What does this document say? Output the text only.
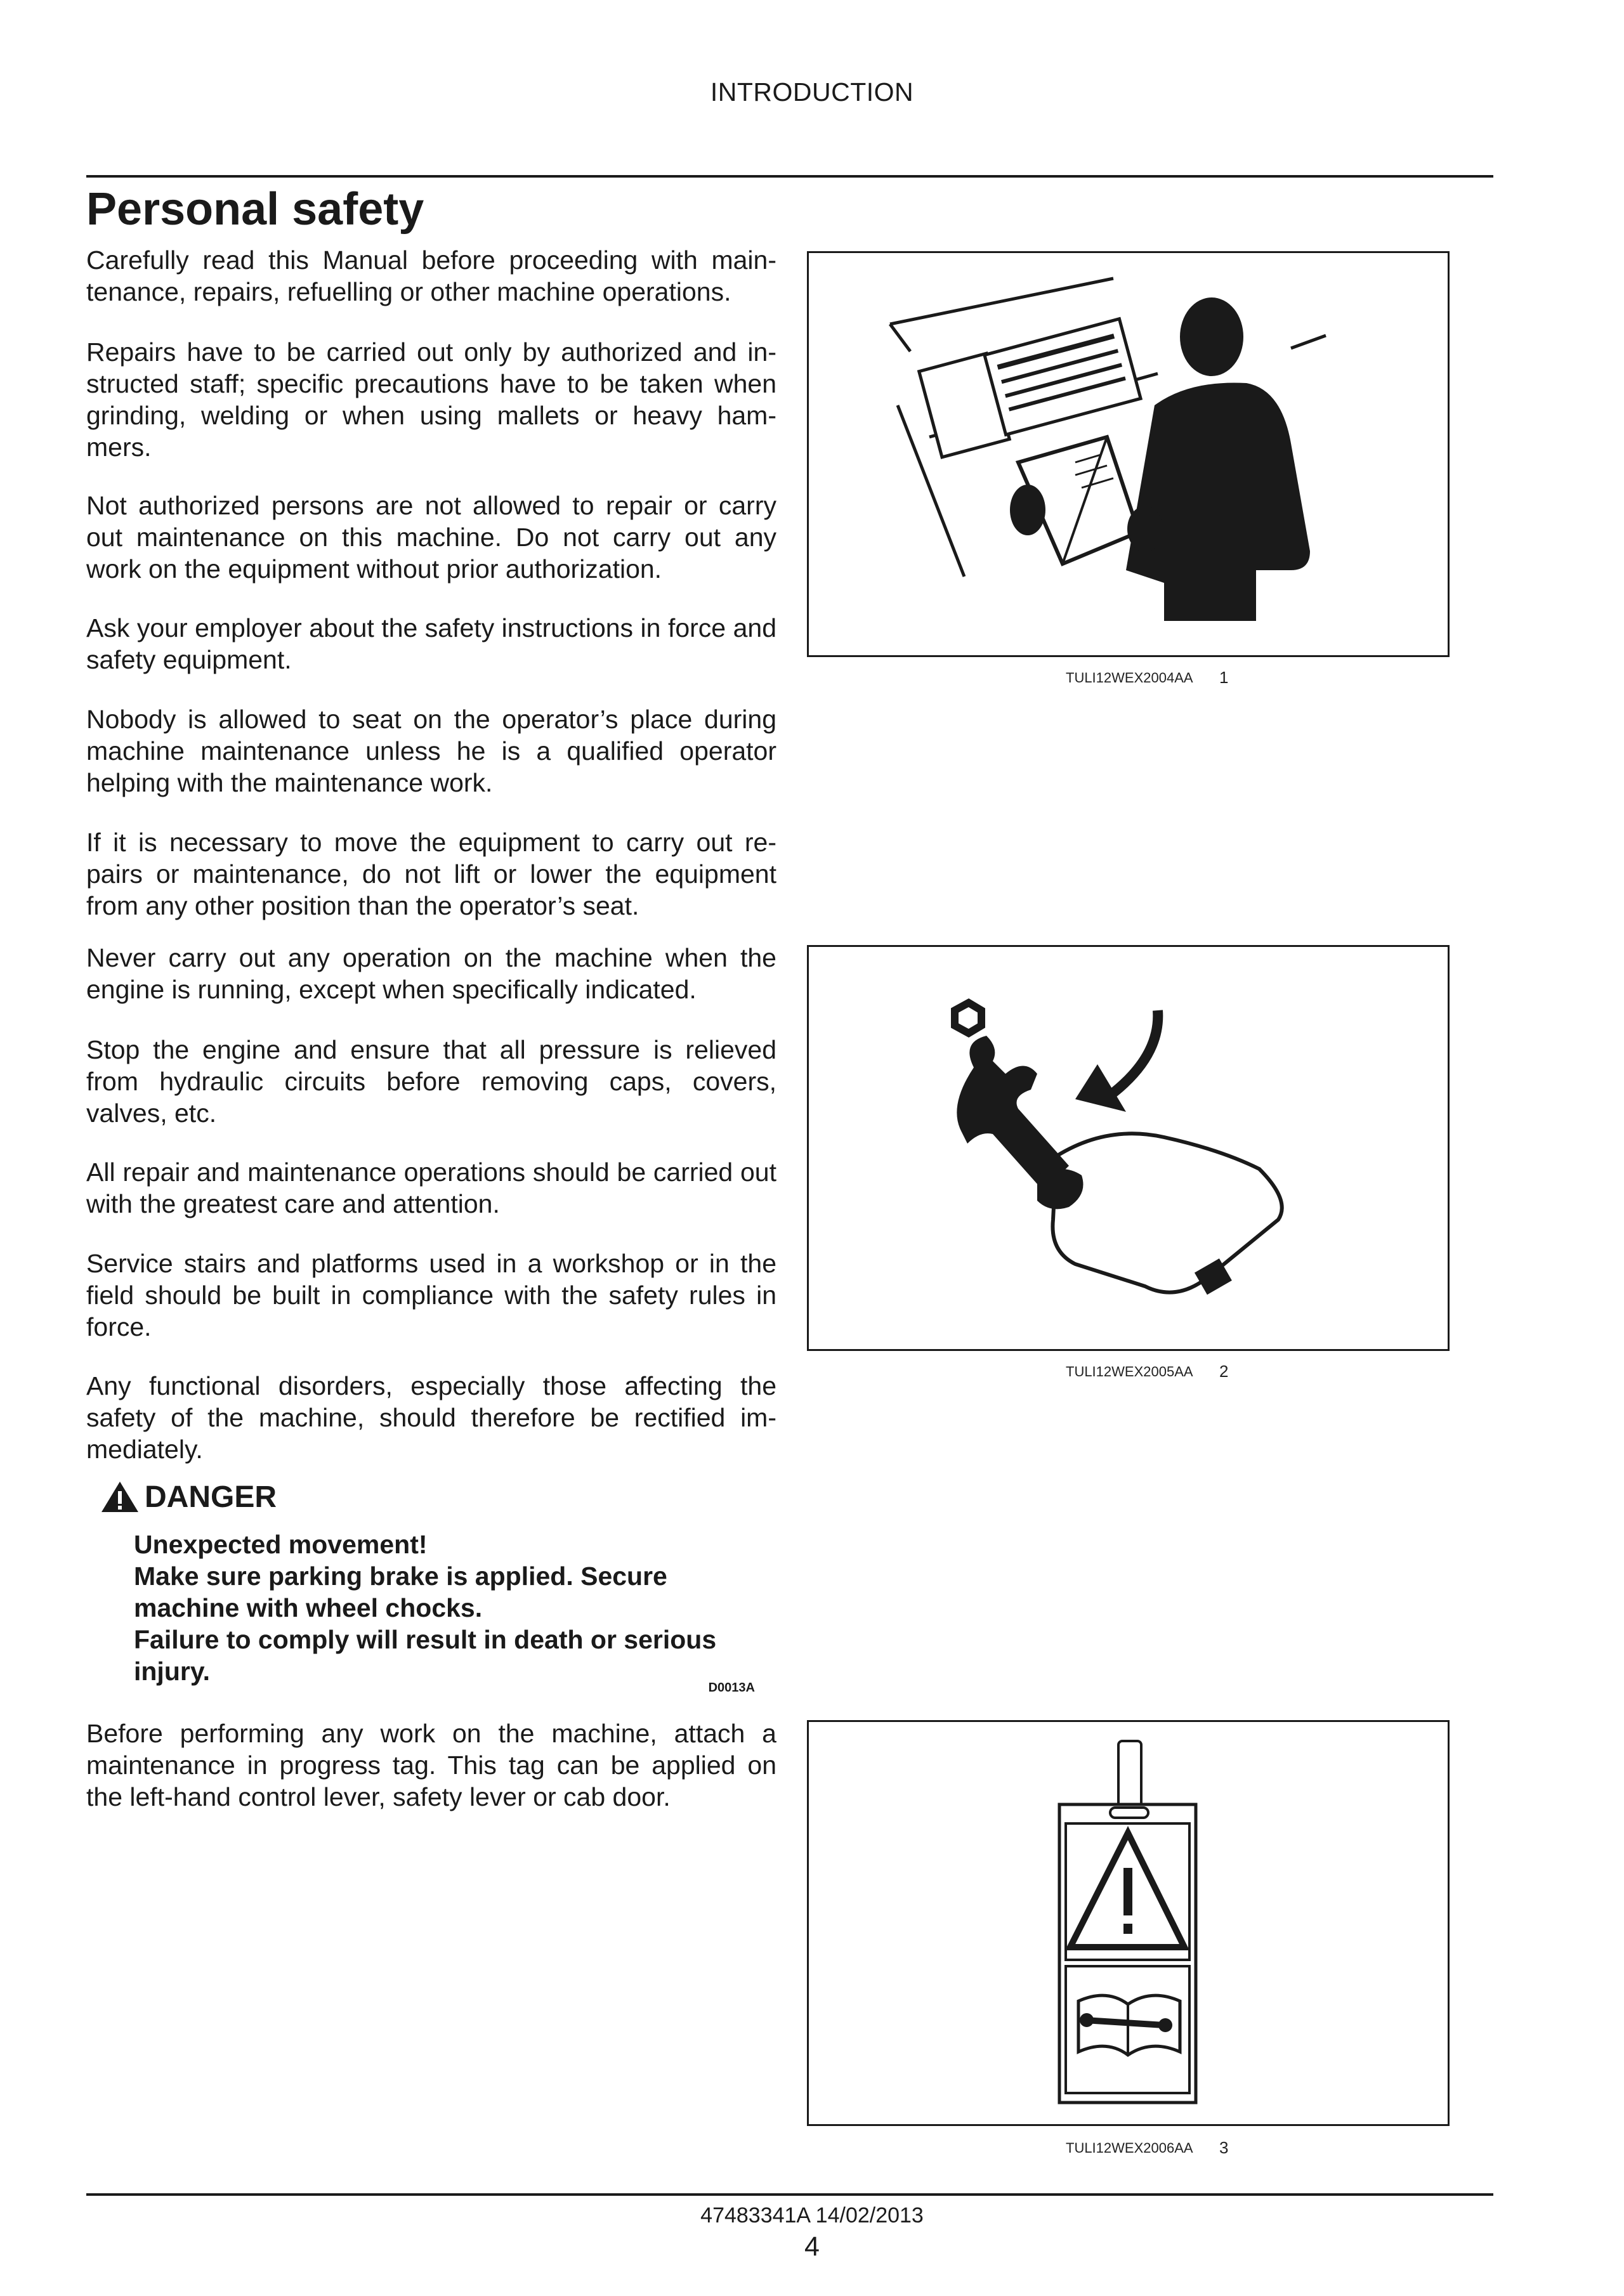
INTRODUCTION
Personal safety

Carefully read this Manual before proceeding with main-tenance, repairs, refuelling or other machine operations.

Repairs have to be carried out only by authorized and in-structed staff; specific precautions have to be taken when grinding, welding or when using mallets or heavy ham-mers.

Not authorized persons are not allowed to repair or carry out maintenance on this machine. Do not carry out any work on the equipment without prior authorization.

Ask your employer about the safety instructions in force and safety equipment.

Nobody is allowed to seat on the operator’s place during machine maintenance unless he is a qualified operator helping with the maintenance work.

If it is necessary to move the equipment to carry out re-pairs or maintenance, do not lift or lower the equipment from any other position than the operator’s seat.

Never carry out any operation on the machine when the engine is running, except when specifically indicated.

Stop the engine and ensure that all pressure is relieved from hydraulic circuits before removing caps, covers, valves, etc.

All repair and maintenance operations should be carried out with the greatest care and attention.

Service stairs and platforms used in a workshop or in the field should be built in compliance with the safety rules in force.

Any functional disorders, especially those affecting the safety of the machine, should therefore be rectified im-mediately.

DANGER
Unexpected movement!
Make sure parking brake is applied. Secure machine with wheel chocks.
Failure to comply will result in death or serious injury.
D0013A

Before performing any work on the machine, attach a maintenance in progress tag. This tag can be applied on the left-hand control lever, safety lever or cab door.

TULI12WEX2004AA 1
TULI12WEX2005AA 2
TULI12WEX2006AA 3
47483341A 14/02/2013
4
